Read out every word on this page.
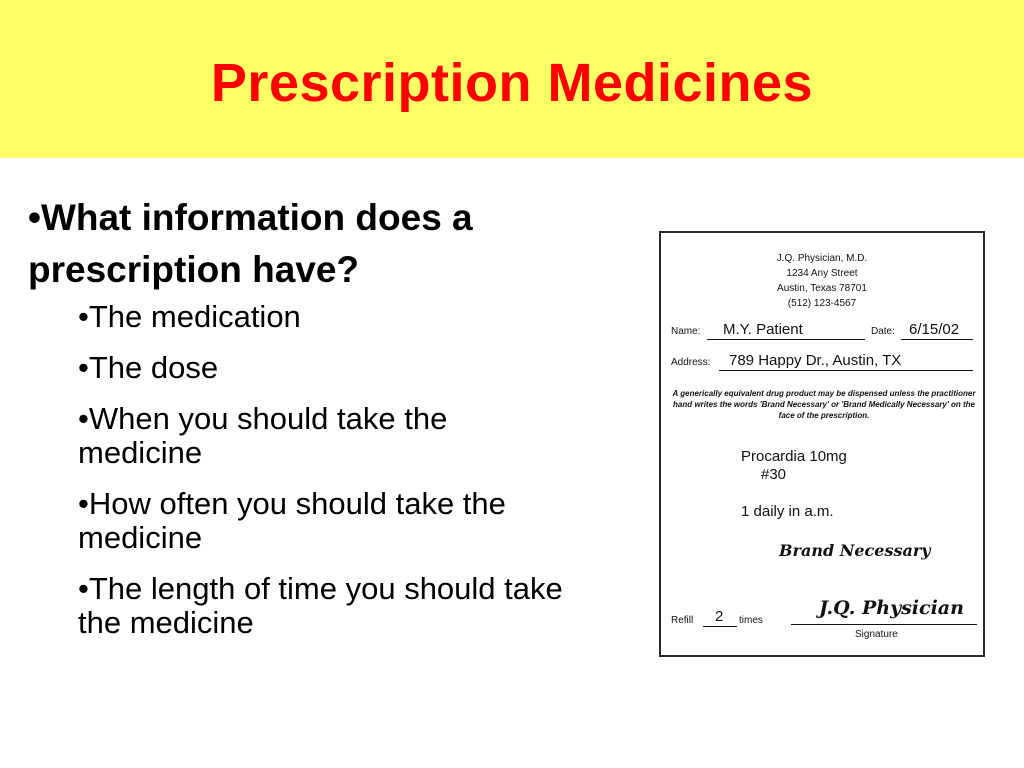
Prescription Medicines

•What information does a prescription have?

•The medication
•The dose
•When you should take the medicine
•How often you should take the medicine
•The length of time you should take the medicine
J.Q. Physician, M.D.
1234 Any Street
Austin, Texas 78701
(512) 123-4567
Name: M.Y. Patient	Date: 6/15/02
Address: 789 Happy Dr., Austin, TX
A generically equivalent drug product may be dispensed unless the practitioner hand writes the words 'Brand Necessary' or 'Brand Medically Necessary' on the face of the prescription.
Procardia 10mg
#30
1 daily in a.m.
Brand Necessary
Refill 2 times
J.Q. Physician
Signature
